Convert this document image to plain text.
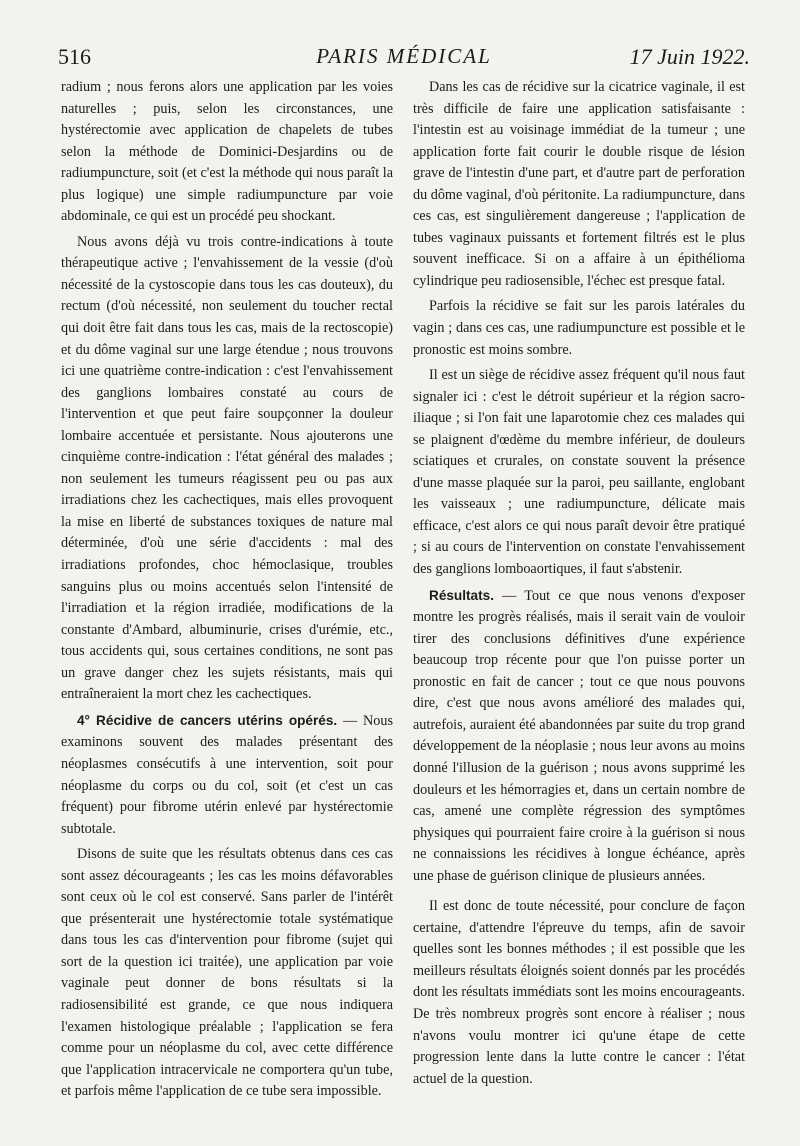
516	PARIS MÉDICAL	17 Juin 1922.

radium ; nous ferons alors une application par les voies naturelles ; puis, selon les circonstances, une hystérectomie avec application de chapelets de tubes selon la méthode de Dominici-Desjardins ou de radiumpuncture, soit (et c'est la méthode qui nous paraît la plus logique) une simple radiumpuncture par voie abdominale, ce qui est un procédé peu shockant.

Nous avons déjà vu trois contre-indications à toute thérapeutique active ; l'envahissement de la vessie (d'où nécessité de la cystoscopie dans tous les cas douteux), du rectum (d'où nécessité, non seulement du toucher rectal qui doit être fait dans tous les cas, mais de la rectoscopie) et du dôme vaginal sur une large étendue ; nous trouvons ici une quatrième contre-indication : c'est l'envahissement des ganglions lombaires constaté au cours de l'intervention et que peut faire soupçonner la douleur lombaire accentuée et persistante. Nous ajouterons une cinquième contre-indication : l'état général des malades ; non seulement les tumeurs réagissent peu ou pas aux irradiations chez les cachectiques, mais elles provoquent la mise en liberté de substances toxiques de nature mal déterminée, d'où une série d'accidents : mal des irradiations profondes, choc hémoclasique, troubles sanguins plus ou moins accentués selon l'intensité de l'irradiation et la région irradiée, modifications de la constante d'Ambard, albuminurie, crises d'urémie, etc., tous accidents qui, sous certaines conditions, ne sont pas un grave danger chez les sujets résistants, mais qui entraîneraient la mort chez les cachectiques.

4° Récidive de cancers utérins opérés. — Nous examinons souvent des malades présentant des néoplasmes consécutifs à une intervention, soit pour néoplasme du corps ou du col, soit (et c'est un cas fréquent) pour fibrome utérin enlevé par hystérectomie subtotale.

Disons de suite que les résultats obtenus dans ces cas sont assez décourageants ; les cas les moins défavorables sont ceux où le col est conservé. Sans parler de l'intérêt que présenterait une hystérectomie totale systématique dans tous les cas d'intervention pour fibrome (sujet qui sort de la question ici traitée), une application par voie vaginale peut donner de bons résultats si la radiosensibilité est grande, ce que nous indiquera l'examen histologique préalable ; l'application se fera comme pour un néoplasme du col, avec cette différence que l'application intracervicale ne comportera qu'un tube, et parfois même l'application de ce tube sera impossible.

Dans les cas de récidive sur la cicatrice vaginale, il est très difficile de faire une application satisfaisante : l'intestin est au voisinage immédiat de la tumeur ; une application forte fait courir le double risque de lésion grave de l'intestin d'une part, et d'autre part de perforation du dôme vaginal, d'où péritonite. La radiumpuncture, dans ces cas, est singulièrement dangereuse ; l'application de tubes vaginaux puissants et fortement filtrés est le plus souvent inefficace. Si on a affaire à un épithélioma cylindrique peu radiosensible, l'échec est presque fatal.

Parfois la récidive se fait sur les parois latérales du vagin ; dans ces cas, une radiumpuncture est possible et le pronostic est moins sombre.

Il est un siège de récidive assez fréquent qu'il nous faut signaler ici : c'est le détroit supérieur et la région sacro-iliaque ; si l'on fait une laparotomie chez ces malades qui se plaignent d'œdème du membre inférieur, de douleurs sciatiques et crurales, on constate souvent la présence d'une masse plaquée sur la paroi, peu saillante, englobant les vaisseaux ; une radiumpuncture, délicate mais efficace, c'est alors ce qui nous paraît devoir être pratiqué ; si au cours de l'intervention on constate l'envahissement des ganglions lomboaortiques, il faut s'abstenir.

Résultats. — Tout ce que nous venons d'exposer montre les progrès réalisés, mais il serait vain de vouloir tirer des conclusions définitives d'une expérience beaucoup trop récente pour que l'on puisse porter un pronostic en fait de cancer ; tout ce que nous pouvons dire, c'est que nous avons amélioré des malades qui, autrefois, auraient été abandonnées par suite du trop grand développement de la néoplasie ; nous leur avons au moins donné l'illusion de la guérison ; nous avons supprimé les douleurs et les hémorragies et, dans un certain nombre de cas, amené une complète régression des symptômes physiques qui pourraient faire croire à la guérison si nous ne connaissions les récidives à longue échéance, après une phase de guérison clinique de plusieurs années.

Il est donc de toute nécessité, pour conclure de façon certaine, d'attendre l'épreuve du temps, afin de savoir quelles sont les bonnes méthodes ; il est possible que les meilleurs résultats éloignés soient donnés par les procédés dont les résultats immédiats sont les moins encourageants. De très nombreux progrès sont encore à réaliser ; nous n'avons voulu montrer ici qu'une étape de cette progression lente dans la lutte contre le cancer : l'état actuel de la question.
